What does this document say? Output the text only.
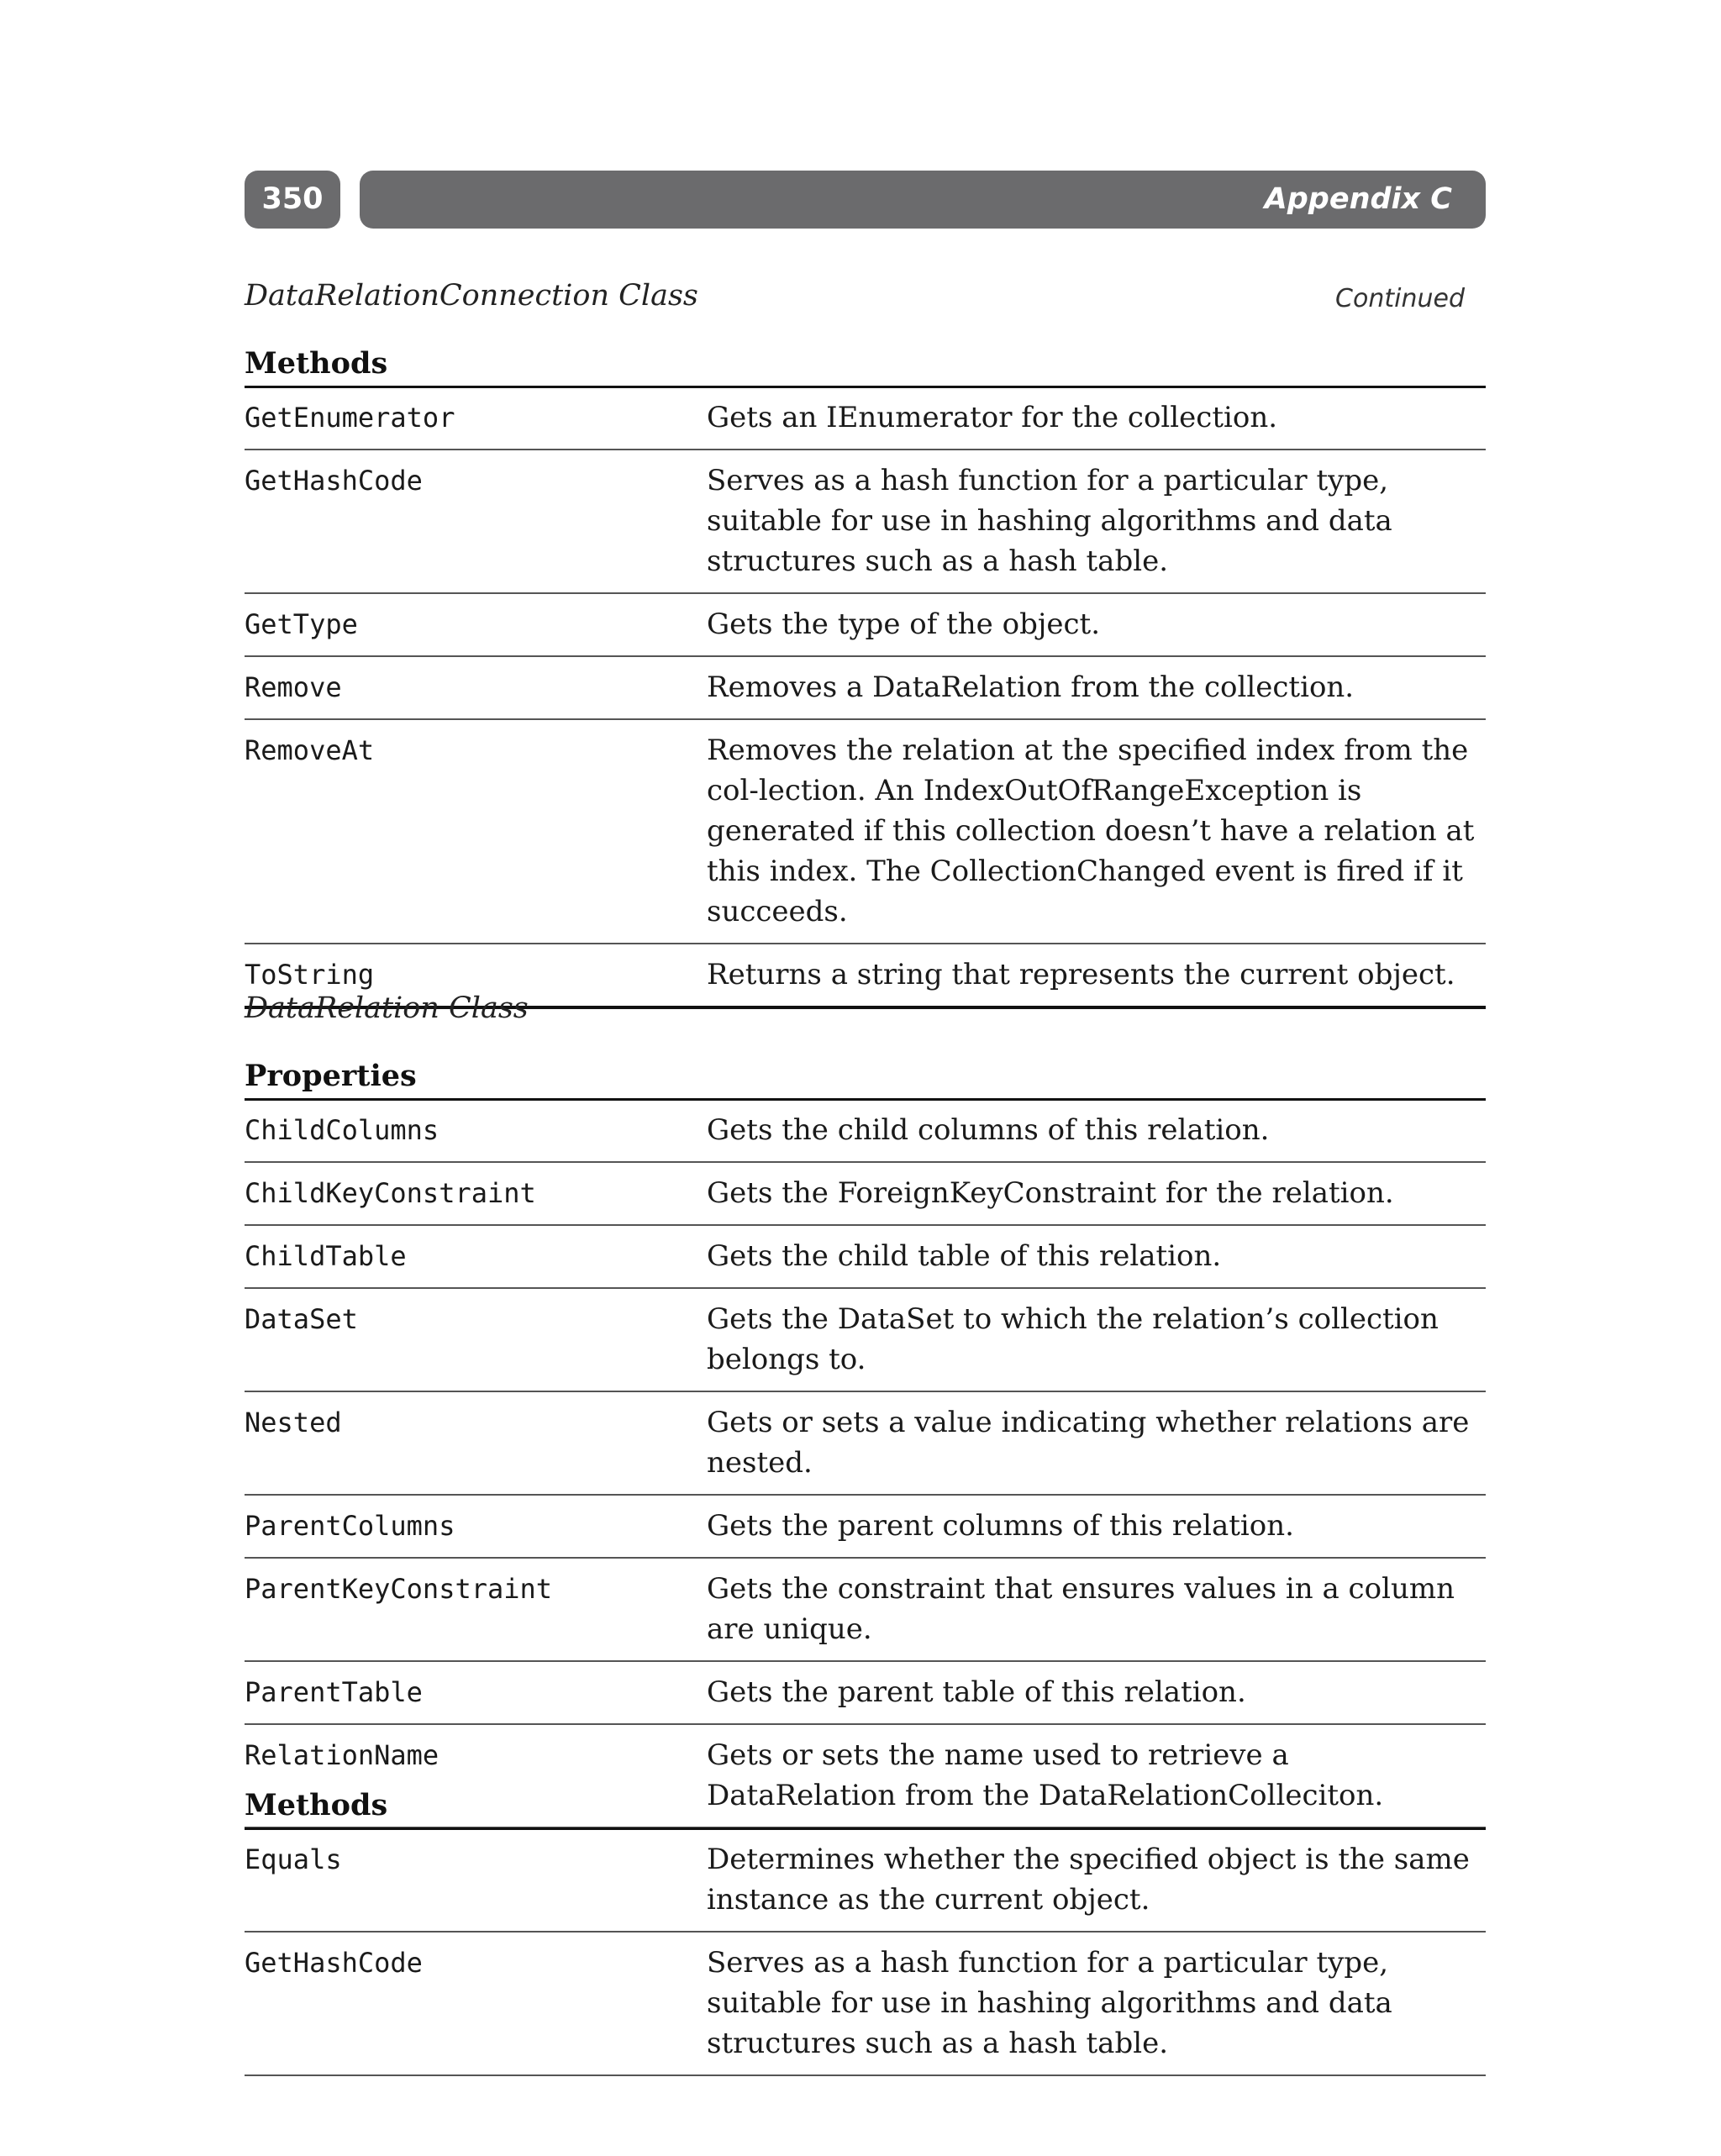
350	Appendix C
DataRelationConnection Class	Continued
Methods
GetEnumerator	Gets an IEnumerator for the collection.
GetHashCode	Serves as a hash function for a particular type, suitable for use in hashing algorithms and data structures such as a hash table.
GetType	Gets the type of the object.
Remove	Removes a DataRelation from the collection.
RemoveAt	Removes the relation at the specified index from the col-lection. An IndexOutOfRangeException is generated if this collection doesn’t have a relation at this index. The CollectionChanged event is fired if it succeeds.
ToString	Returns a string that represents the current object.
DataRelation Class
Properties
ChildColumns	Gets the child columns of this relation.
ChildKeyConstraint	Gets the ForeignKeyConstraint for the relation.
ChildTable	Gets the child table of this relation.
DataSet	Gets the DataSet to which the relation’s collection belongs to.
Nested	Gets or sets a value indicating whether relations are nested.
ParentColumns	Gets the parent columns of this relation.
ParentKeyConstraint	Gets the constraint that ensures values in a column are unique.
ParentTable	Gets the parent table of this relation.
RelationName	Gets or sets the name used to retrieve a DataRelation from the DataRelationColleciton.
Methods
Equals	Determines whether the specified object is the same instance as the current object.
GetHashCode	Serves as a hash function for a particular type, suitable for use in hashing algorithms and data structures such as a hash table.
